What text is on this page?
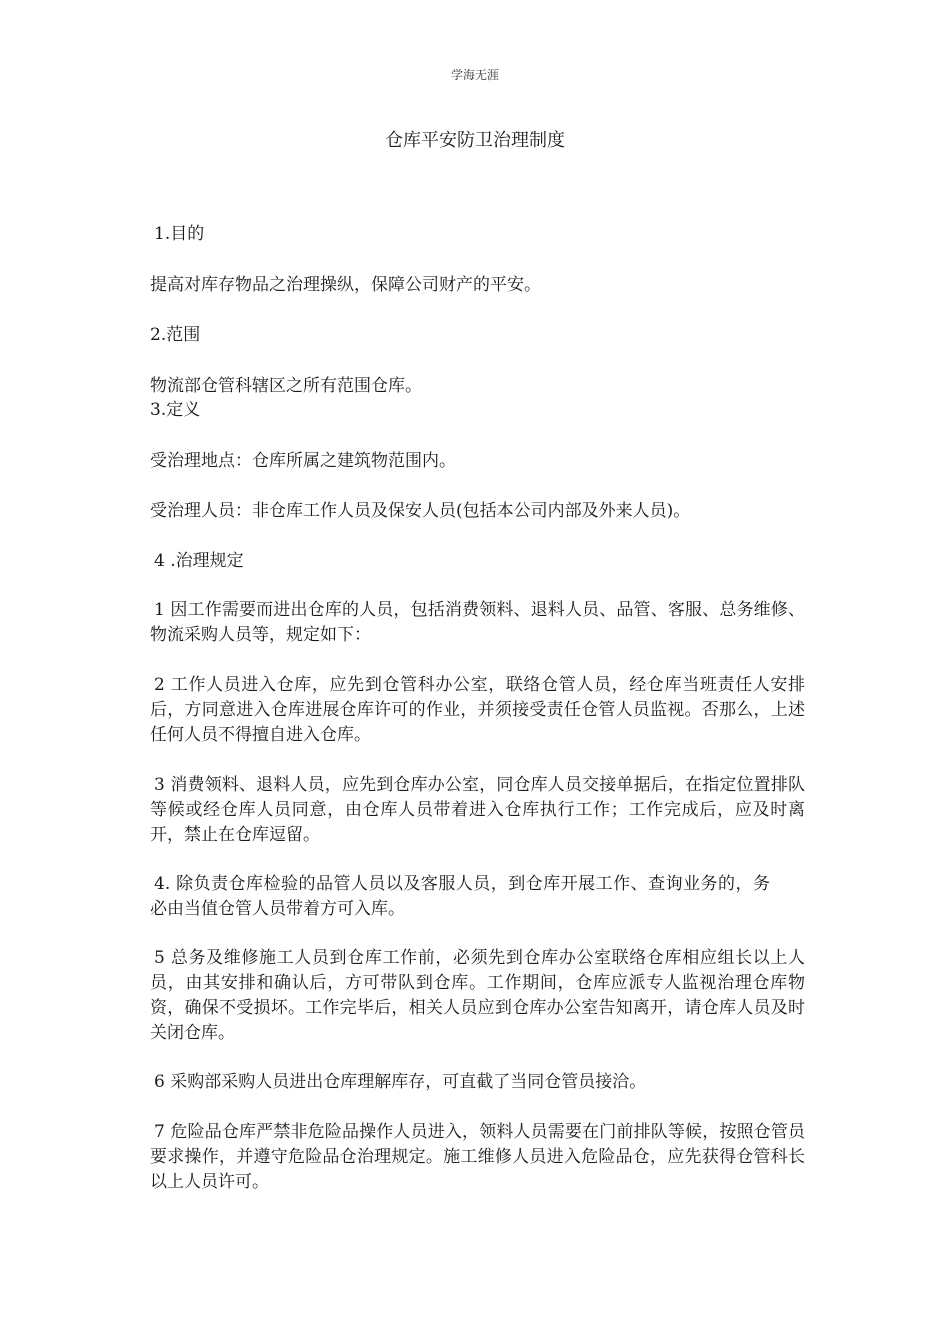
学海无涯
仓库平安防卫治理制度

1.目的

提高对库存物品之治理操纵，保障公司财产的平安。

2.范围

物流部仓管科辖区之所有范围仓库。

3.定义

受治理地点：仓库所属之建筑物范围内。

受治理人员：非仓库工作人员及保安人员(包括本公司内部及外来人员)。

4 .治理规定

1 因工作需要而进出仓库的人员，包括消费领料、退料人员、品管、客服、总务维修、物流采购人员等，规定如下：

2 工作人员进入仓库，应先到仓管科办公室，联络仓管人员，经仓库当班责任人安排后，方同意进入仓库进展仓库许可的作业，并须接受责任仓管人员监视。否那么，上述任何人员不得擅自进入仓库。

3 消费领料、退料人员，应先到仓库办公室，同仓库人员交接单据后，在指定位置排队等候或经仓库人员同意，由仓库人员带着进入仓库执行工作；工作完成后，应及时离开，禁止在仓库逗留。

4. 除负责仓库检验的品管人员以及客服人员，到仓库开展工作、查询业务的，务必由当值仓管人员带着方可入库。

5 总务及维修施工人员到仓库工作前，必须先到仓库办公室联络仓库相应组长以上人员，由其安排和确认后，方可带队到仓库。工作期间，仓库应派专人监视治理仓库物资，确保不受损坏。工作完毕后，相关人员应到仓库办公室告知离开，请仓库人员及时关闭仓库。

6 采购部采购人员进出仓库理解库存，可直截了当同仓管员接洽。

7 危险品仓库严禁非危险品操作人员进入，领料人员需要在门前排队等候，按照仓管员要求操作，并遵守危险品仓治理规定。施工维修人员进入危险品仓，应先获得仓管科长以上人员许可。
